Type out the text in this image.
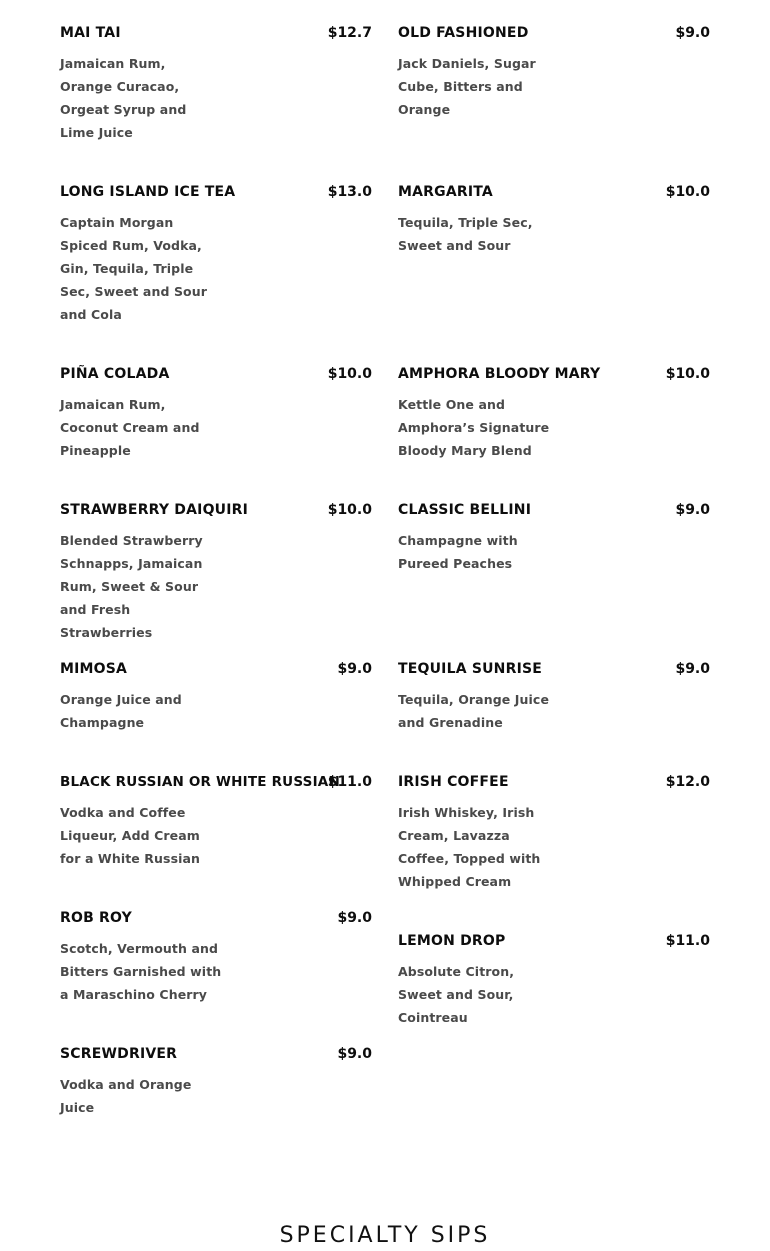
MAI TAI	$12.7
Jamaican Rum, Orange Curacao, Orgeat Syrup and Lime Juice
LONG ISLAND ICE TEA	$13.0
Captain Morgan Spiced Rum, Vodka, Gin, Tequila, Triple Sec, Sweet and Sour and Cola
PIÑA COLADA	$10.0
Jamaican Rum, Coconut Cream and Pineapple
STRAWBERRY DAIQUIRI	$10.0
Blended Strawberry Schnapps, Jamaican Rum, Sweet & Sour and Fresh Strawberries
MIMOSA	$9.0
Orange Juice and Champagne
BLACK RUSSIAN OR WHITE RUSSIAN
$11.0
Vodka and Coffee Liqueur, Add Cream for a White Russian
ROB ROY	$9.0
Scotch, Vermouth and Bitters Garnished with a Maraschino Cherry
SCREWDRIVER	$9.0
Vodka and Orange Juice
OLD FASHIONED	$9.0
Jack Daniels, Sugar Cube, Bitters and Orange
MARGARITA	$10.0
Tequila, Triple Sec, Sweet and Sour
AMPHORA BLOODY MARY	$10.0
Kettle One and Amphora’s Signature Bloody Mary Blend
CLASSIC BELLINI	$9.0
Champagne with Pureed Peaches
TEQUILA SUNRISE	$9.0
Tequila, Orange Juice and Grenadine
IRISH COFFEE	$12.0
Irish Whiskey, Irish Cream, Lavazza Coffee, Topped with Whipped Cream
LEMON DROP	$11.0
Absolute Citron, Sweet and Sour, Cointreau
SPECIALTY SIPS
